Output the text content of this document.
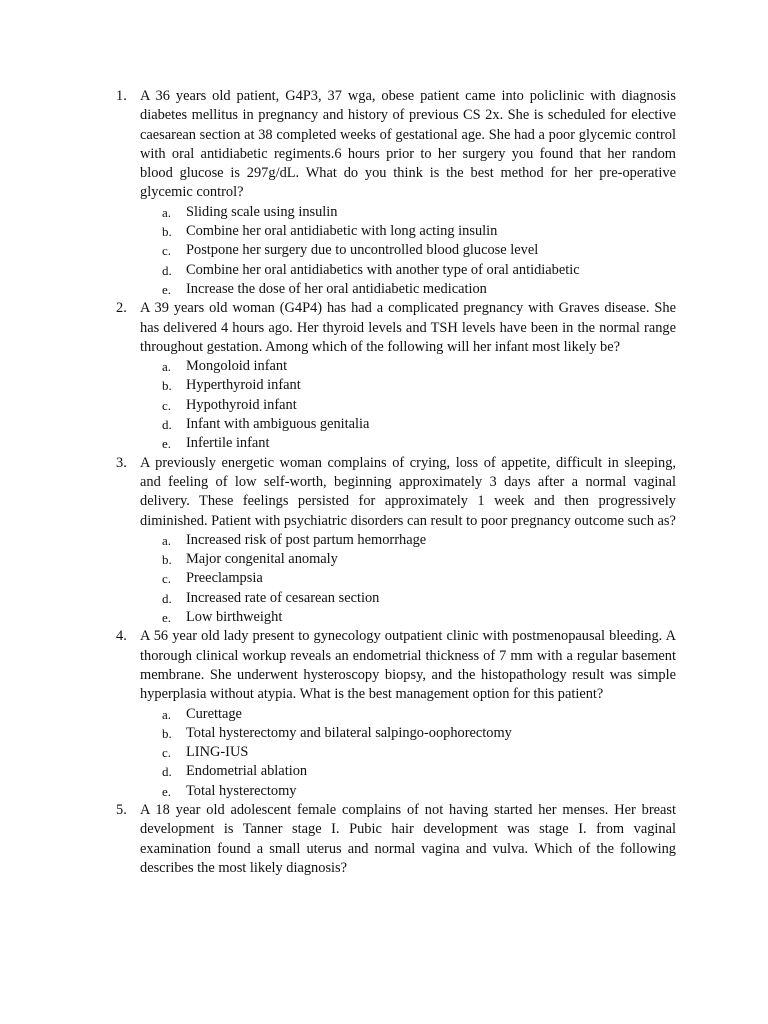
1. A 36 years old patient, G4P3, 37 wga, obese patient came into policlinic with diagnosis diabetes mellitus in pregnancy and history of previous CS 2x. She is scheduled for elective caesarean section at 38 completed weeks of gestational age. She had a poor glycemic control with oral antidiabetic regiments.6 hours prior to her surgery you found that her random blood glucose is 297g/dL. What do you think is the best method for her pre-operative glycemic control?

a. Sliding scale using insulin
b. Combine her oral antidiabetic with long acting insulin
c. Postpone her surgery due to uncontrolled blood glucose level
d. Combine her oral antidiabetics with another type of oral antidiabetic
e. Increase the dose of her oral antidiabetic medication
2. A 39 years old woman (G4P4) has had a complicated pregnancy with Graves disease. She has delivered 4 hours ago. Her thyroid levels and TSH levels have been in the normal range throughout gestation. Among which of the following will her infant most likely be?

a. Mongoloid infant
b. Hyperthyroid infant
c. Hypothyroid infant
d. Infant with ambiguous genitalia
e. Infertile infant
3. A previously energetic woman complains of crying, loss of appetite, difficult in sleeping, and feeling of low self-worth, beginning approximately 3 days after a normal vaginal delivery. These feelings persisted for approximately 1 week and then progressively diminished. Patient with psychiatric disorders can result to poor pregnancy outcome such as?

a. Increased risk of post partum hemorrhage
b. Major congenital anomaly
c. Preeclampsia
d. Increased rate of cesarean section
e. Low birthweight
4. A 56 year old lady present to gynecology outpatient clinic with postmenopausal bleeding. A thorough clinical workup reveals an endometrial thickness of 7 mm with a regular basement membrane. She underwent hysteroscopy biopsy, and the histopathology result was simple hyperplasia without atypia. What is the best management option for this patient?

a. Curettage
b. Total hysterectomy and bilateral salpingo-oophorectomy
c. LING-IUS
d. Endometrial ablation
e. Total hysterectomy
5. A 18 year old adolescent female complains of not having started her menses. Her breast development is Tanner stage I. Pubic hair development was stage I. from vaginal examination found a small uterus and normal vagina and vulva. Which of the following describes the most likely diagnosis?
